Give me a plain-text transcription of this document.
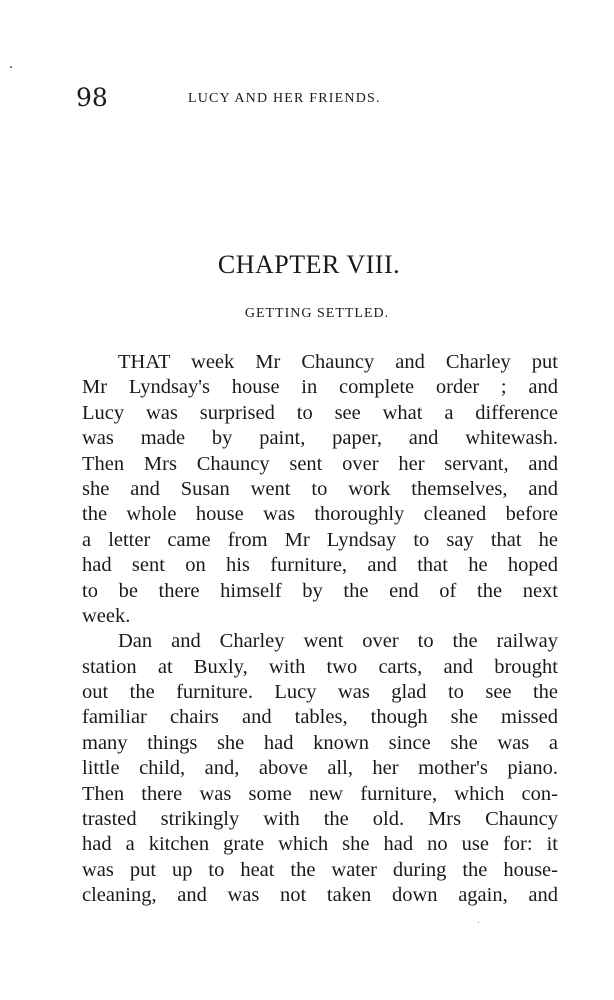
98	LUCY AND HER FRIENDS.
CHAPTER VIII.
GETTING SETTLED.
THAT week Mr Chauncy and Charley put
Mr Lyndsay's house in complete order ; and
Lucy was surprised to see what a difference
was made by paint, paper, and whitewash.
Then Mrs Chauncy sent over her servant, and
she and Susan went to work themselves, and
the whole house was thoroughly cleaned before
a letter came from Mr Lyndsay to say that he
had sent on his furniture, and that he hoped
to be there himself by the end of the next
week.
Dan and Charley went over to the railway
station at Buxly, with two carts, and brought
out the furniture. Lucy was glad to see the
familiar chairs and tables, though she missed
many things she had known since she was a
little child, and, above all, her mother's piano.
Then there was some new furniture, which con-
trasted strikingly with the old. Mrs Chauncy
had a kitchen grate which she had no use for: it
was put up to heat the water during the house-
cleaning, and was not taken down again, and
